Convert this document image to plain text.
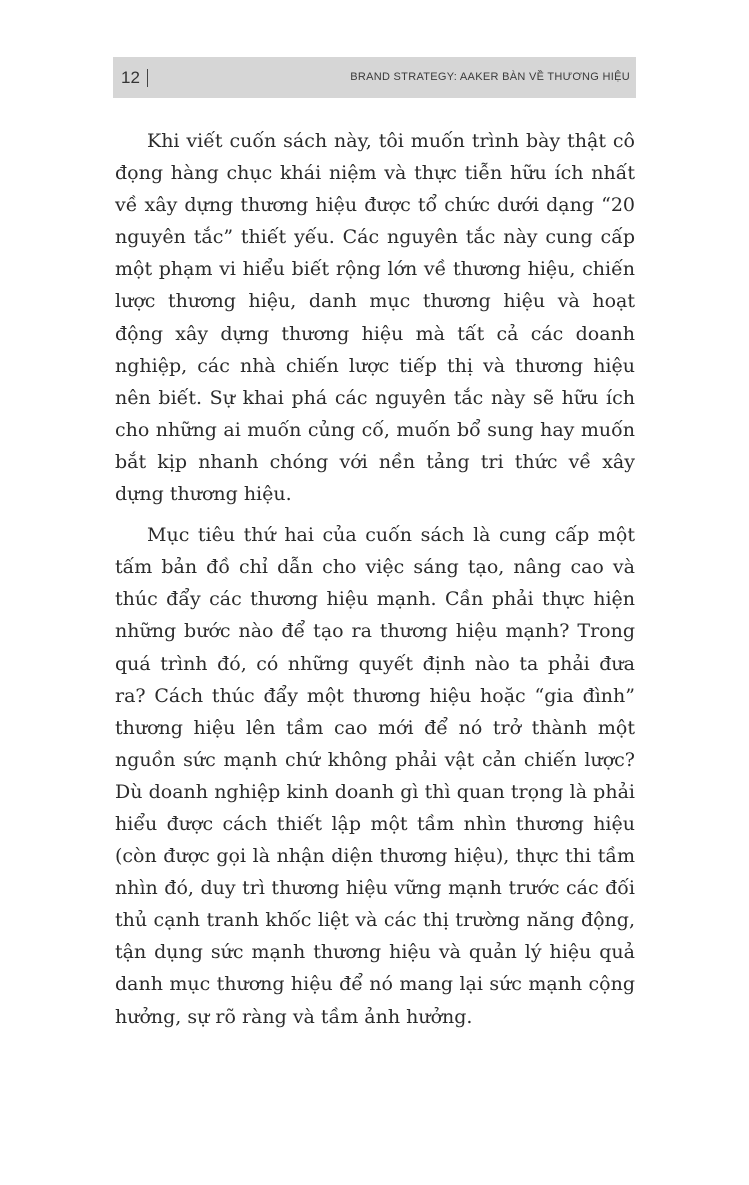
12	BRAND STRATEGY: AAKER BÀN VỀ THƯƠNG HIỆU

Khi viết cuốn sách này, tôi muốn trình bày thật cô đọng hàng chục khái niệm và thực tiễn hữu ích nhất về xây dựng thương hiệu được tổ chức dưới dạng “20 nguyên tắc” thiết yếu. Các nguyên tắc này cung cấp một phạm vi hiểu biết rộng lớn về thương hiệu, chiến lược thương hiệu, danh mục thương hiệu và hoạt động xây dựng thương hiệu mà tất cả các doanh nghiệp, các nhà chiến lược tiếp thị và thương hiệu nên biết. Sự khai phá các nguyên tắc này sẽ hữu ích cho những ai muốn củng cố, muốn bổ sung hay muốn bắt kịp nhanh chóng với nền tảng tri thức về xây dựng thương hiệu.

Mục tiêu thứ hai của cuốn sách là cung cấp một tấm bản đồ chỉ dẫn cho việc sáng tạo, nâng cao và thúc đẩy các thương hiệu mạnh. Cần phải thực hiện những bước nào để tạo ra thương hiệu mạnh? Trong quá trình đó, có những quyết định nào ta phải đưa ra? Cách thúc đẩy một thương hiệu hoặc “gia đình” thương hiệu lên tầm cao mới để nó trở thành một nguồn sức mạnh chứ không phải vật cản chiến lược? Dù doanh nghiệp kinh doanh gì thì quan trọng là phải hiểu được cách thiết lập một tầm nhìn thương hiệu (còn được gọi là nhận diện thương hiệu), thực thi tầm nhìn đó, duy trì thương hiệu vững mạnh trước các đối thủ cạnh tranh khốc liệt và các thị trường năng động, tận dụng sức mạnh thương hiệu và quản lý hiệu quả danh mục thương hiệu để nó mang lại sức mạnh cộng hưởng, sự rõ ràng và tầm ảnh hưởng.
